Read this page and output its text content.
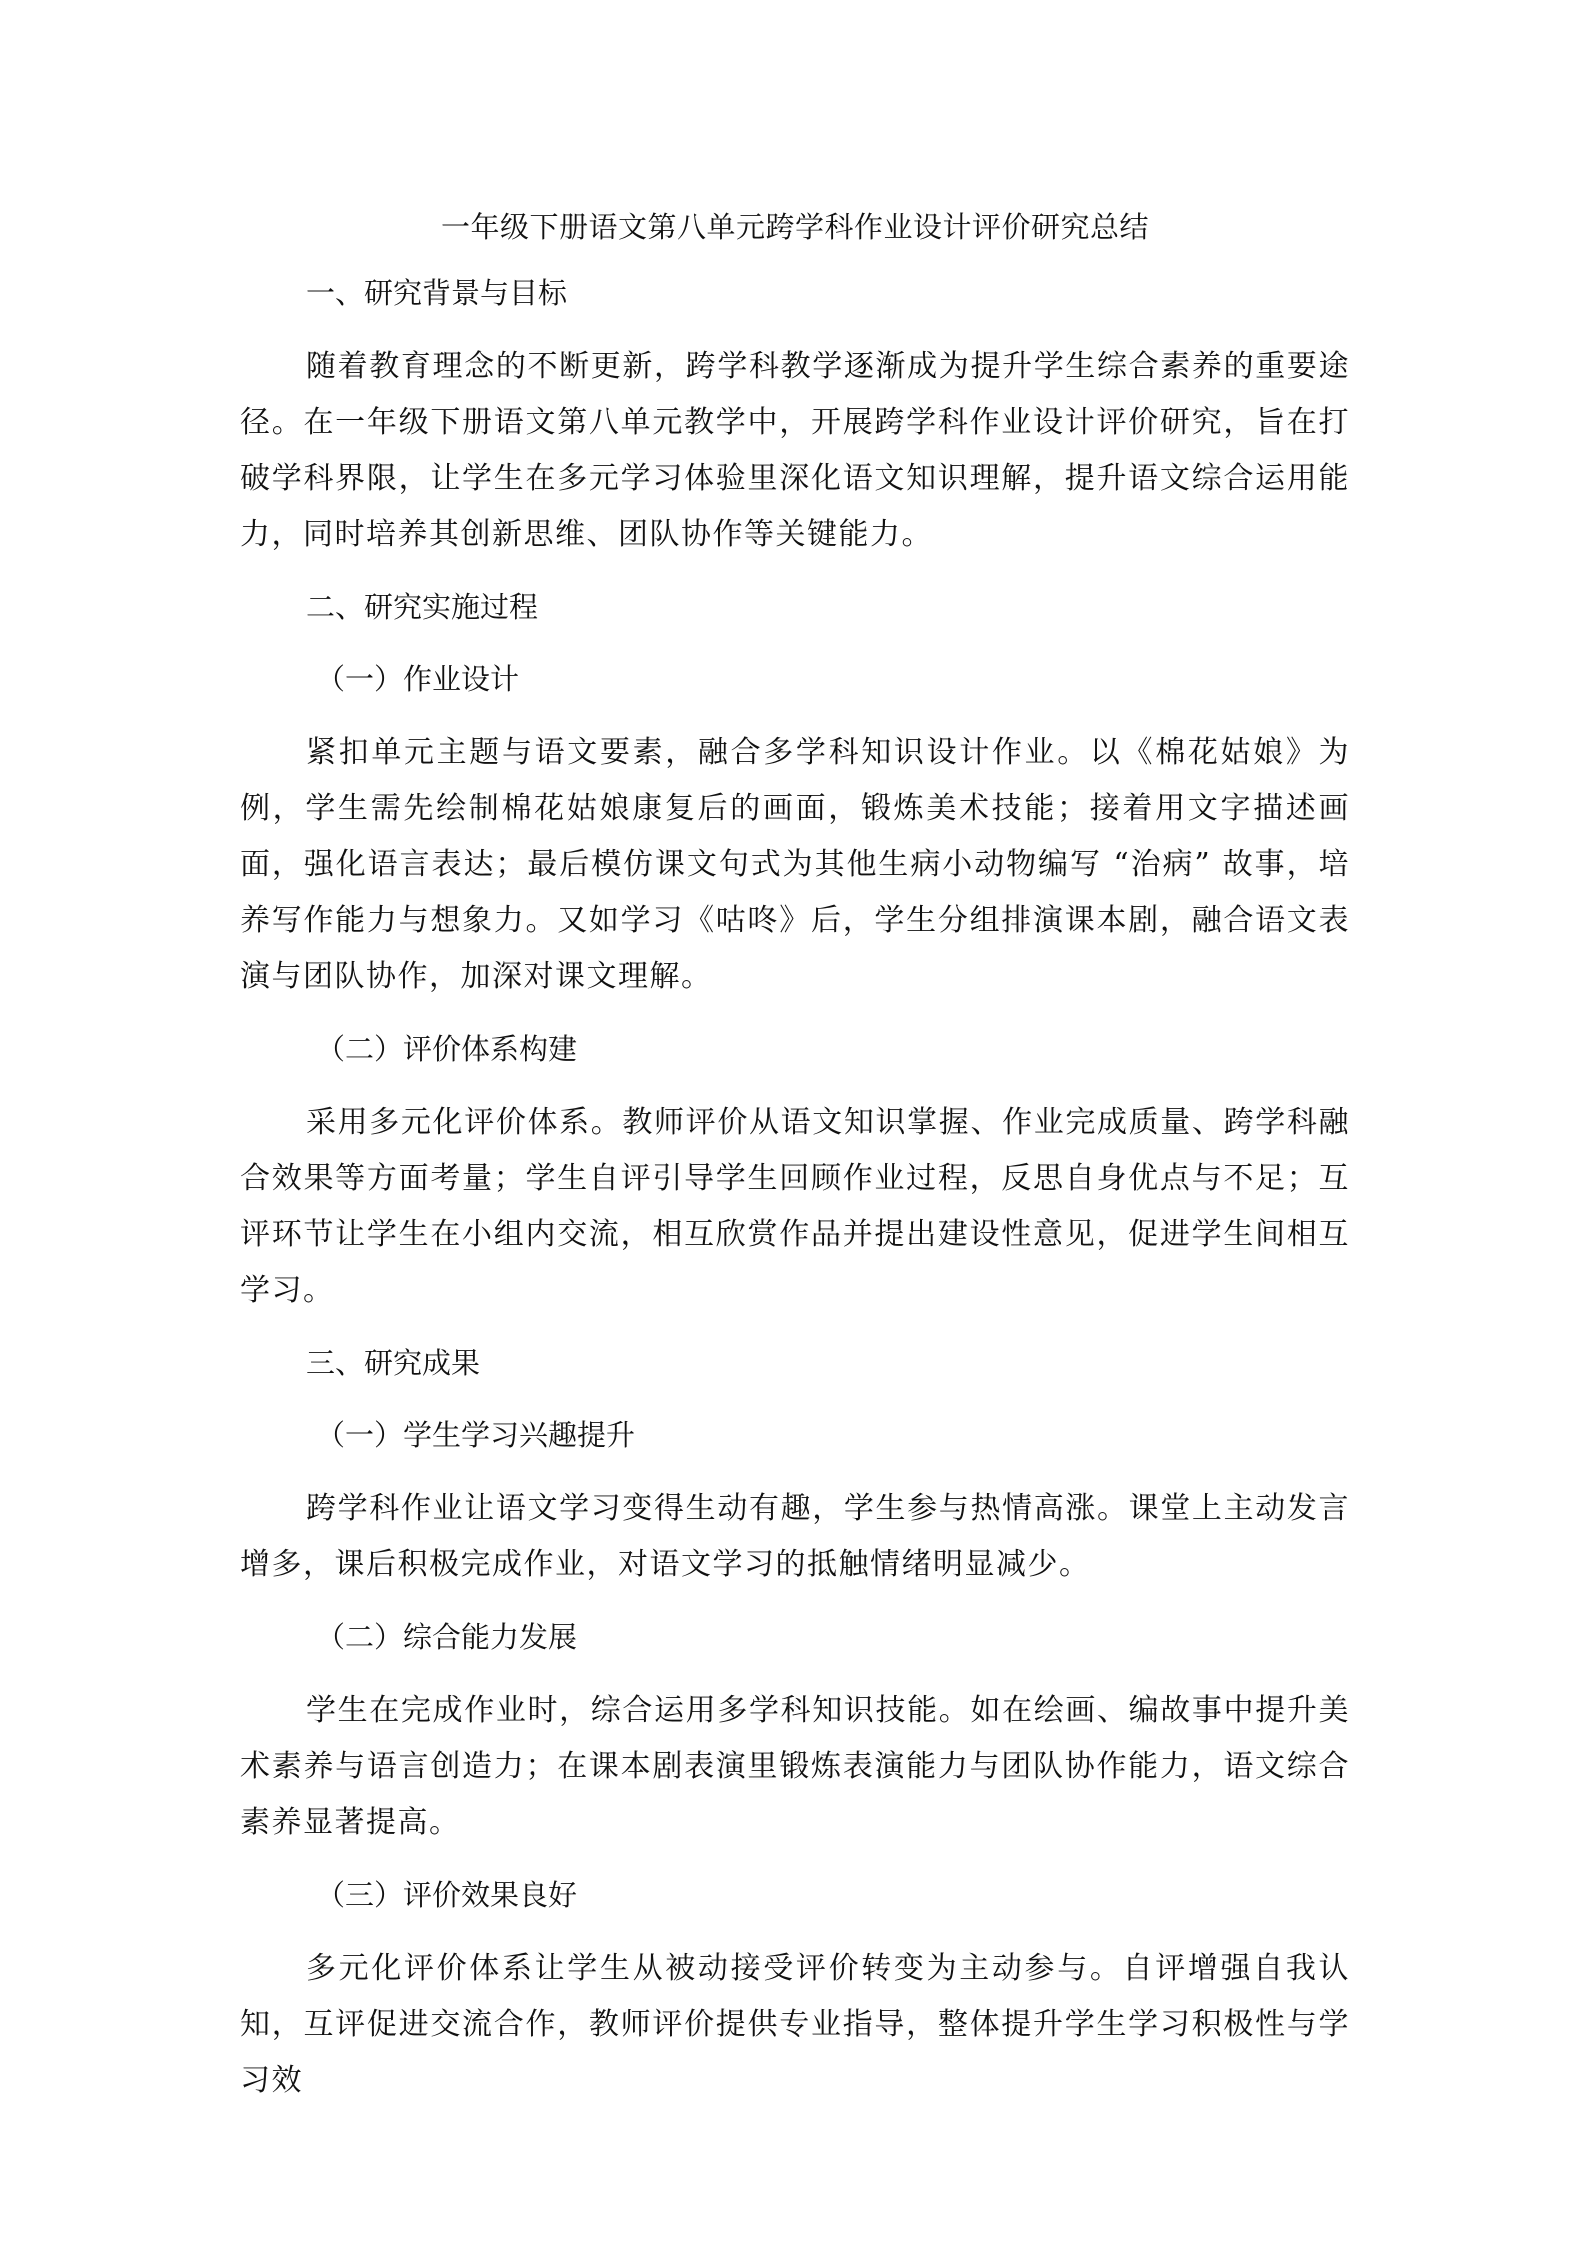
一年级下册语文第八单元跨学科作业设计评价研究总结
一、研究背景与目标

随着教育理念的不断更新，跨学科教学逐渐成为提升学生综合素养的重要途径。在一年级下册语文第八单元教学中，开展跨学科作业设计评价研究，旨在打破学科界限，让学生在多元学习体验里深化语文知识理解，提升语文综合运用能力，同时培养其创新思维、团队协作等关键能力。

二、研究实施过程
（一）作业设计

紧扣单元主题与语文要素，融合多学科知识设计作业。以《棉花姑娘》为例，学生需先绘制棉花姑娘康复后的画面，锻炼美术技能；接着用文字描述画面，强化语言表达；最后模仿课文句式为其他生病小动物编写 “治病” 故事，培养写作能力与想象力。又如学习《咕咚》后，学生分组排演课本剧，融合语文表演与团队协作，加深对课文理解。

（二）评价体系构建

采用多元化评价体系。教师评价从语文知识掌握、作业完成质量、跨学科融合效果等方面考量；学生自评引导学生回顾作业过程，反思自身优点与不足；互评环节让学生在小组内交流，相互欣赏作品并提出建设性意见，促进学生间相互学习。

三、研究成果
（一）学生学习兴趣提升

跨学科作业让语文学习变得生动有趣，学生参与热情高涨。课堂上主动发言增多，课后积极完成作业，对语文学习的抵触情绪明显减少。

（二）综合能力发展

学生在完成作业时，综合运用多学科知识技能。如在绘画、编故事中提升美术素养与语言创造力；在课本剧表演里锻炼表演能力与团队协作能力，语文综合素养显著提高。

（三）评价效果良好

多元化评价体系让学生从被动接受评价转变为主动参与。自评增强自我认知，互评促进交流合作，教师评价提供专业指导，整体提升学生学习积极性与学习效
